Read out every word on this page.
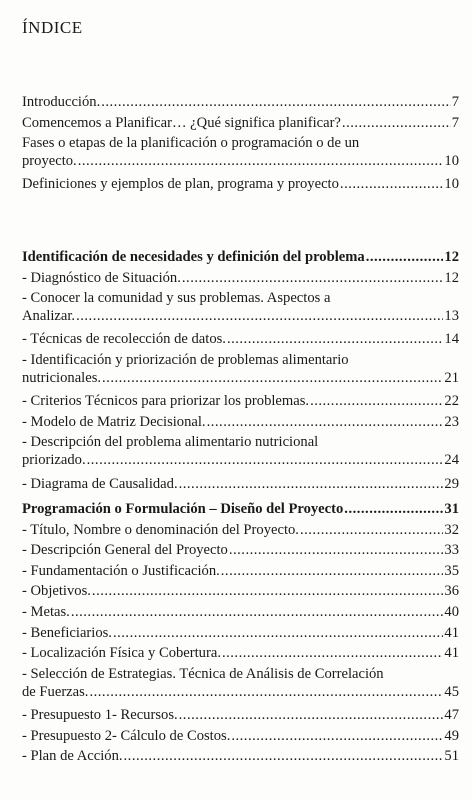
ÍNDICE
Introducción. .....	7
Comencemos a Planificar… ¿Qué significa planificar? .....	7
Fases o etapas de la planificación o programación o de un
proyecto. .....	10
Definiciones y ejemplos de plan, programa y proyecto .....	10
Identificación de necesidades y definición del problema .....	12
- Diagnóstico de Situación. .....	12
- Conocer la comunidad y sus problemas. Aspectos a
Analizar. .....	13
- Técnicas de recolección de datos. .....	14
- Identificación y priorización de problemas alimentario
nutricionales. .....	21
- Criterios Técnicos para priorizar los problemas. .....	22
- Modelo de Matriz Decisional. .....	23
- Descripción del problema alimentario nutricional
priorizado. .....	24
- Diagrama de Causalidad. .....	29
Programación o Formulación – Diseño del Proyecto .....	31
- Título, Nombre o denominación del Proyecto. .....	32
- Descripción General del Proyecto .....	33
- Fundamentación o Justificación. .....	35
- Objetivos. .....	36
- Metas. .....	40
- Beneficiarios. .....	41
- Localización Física y Cobertura. .....	41
- Selección de Estrategias. Técnica de Análisis de Correlación
de Fuerzas. .....	45
- Presupuesto 1- Recursos. .....	47
- Presupuesto 2- Cálculo de Costos. .....	49
- Plan de Acción. .....	51
